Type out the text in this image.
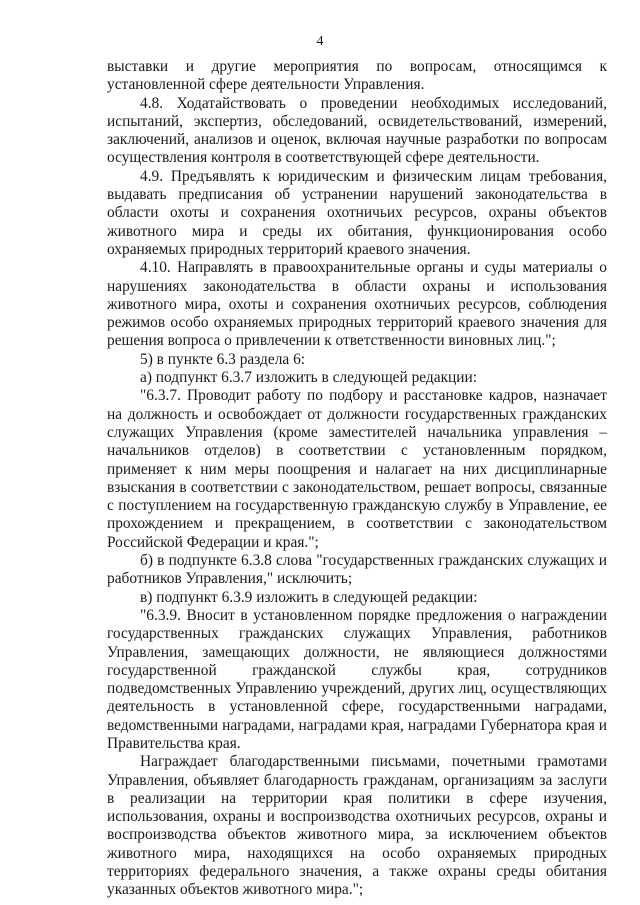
4

выставки и другие мероприятия по вопросам, относящимся к установленной сфере деятельности Управления.

4.8. Ходатайствовать о проведении необходимых исследований, испытаний, экспертиз, обследований, освидетельствований, измерений, заключений, анализов и оценок, включая научные разработки по вопросам осуществления контроля в соответствующей сфере деятельности.

4.9. Предъявлять к юридическим и физическим лицам требования, выдавать предписания об устранении нарушений законодательства в области охоты и сохранения охотничьих ресурсов, охраны объектов животного мира и среды их обитания, функционирования особо охраняемых природных территорий краевого значения.

4.10. Направлять в правоохранительные органы и суды материалы о нарушениях законодательства в области охраны и использования животного мира, охоты и сохранения охотничьих ресурсов, соблюдения режимов особо охраняемых природных территорий краевого значения для решения вопроса о привлечении к ответственности виновных лиц.";

5) в пункте 6.3 раздела 6:

а) подпункт 6.3.7 изложить в следующей редакции:

"6.3.7. Проводит работу по подбору и расстановке кадров, назначает на должность и освобождает от должности государственных гражданских служащих Управления (кроме заместителей начальника управления – начальников отделов) в соответствии с установленным порядком, применяет к ним меры поощрения и налагает на них дисциплинарные взыскания в соответствии с законодательством, решает вопросы, связанные с поступлением на государственную гражданскую службу в Управление, ее прохождением и прекращением, в соответствии с законодательством Российской Федерации и края.";

б) в подпункте 6.3.8 слова "государственных гражданских служащих и работников Управления," исключить;

в) подпункт 6.3.9 изложить в следующей редакции:

"6.3.9. Вносит в установленном порядке предложения о награждении государственных гражданских служащих Управления, работников Управления, замещающих должности, не являющиеся должностями государственной гражданской службы края, сотрудников подведомственных Управлению учреждений, других лиц, осуществляющих деятельность в установленной сфере, государственными наградами, ведомственными наградами, наградами края, наградами Губернатора края и Правительства края.

Награждает благодарственными письмами, почетными грамотами Управления, объявляет благодарность гражданам, организациям за заслуги в реализации на территории края политики в сфере изучения, использования, охраны и воспроизводства охотничьих ресурсов, охраны и воспроизводства объектов животного мира, за исключением объектов животного мира, находящихся на особо охраняемых природных территориях федерального значения, а также охраны среды обитания указанных объектов животного мира.";
